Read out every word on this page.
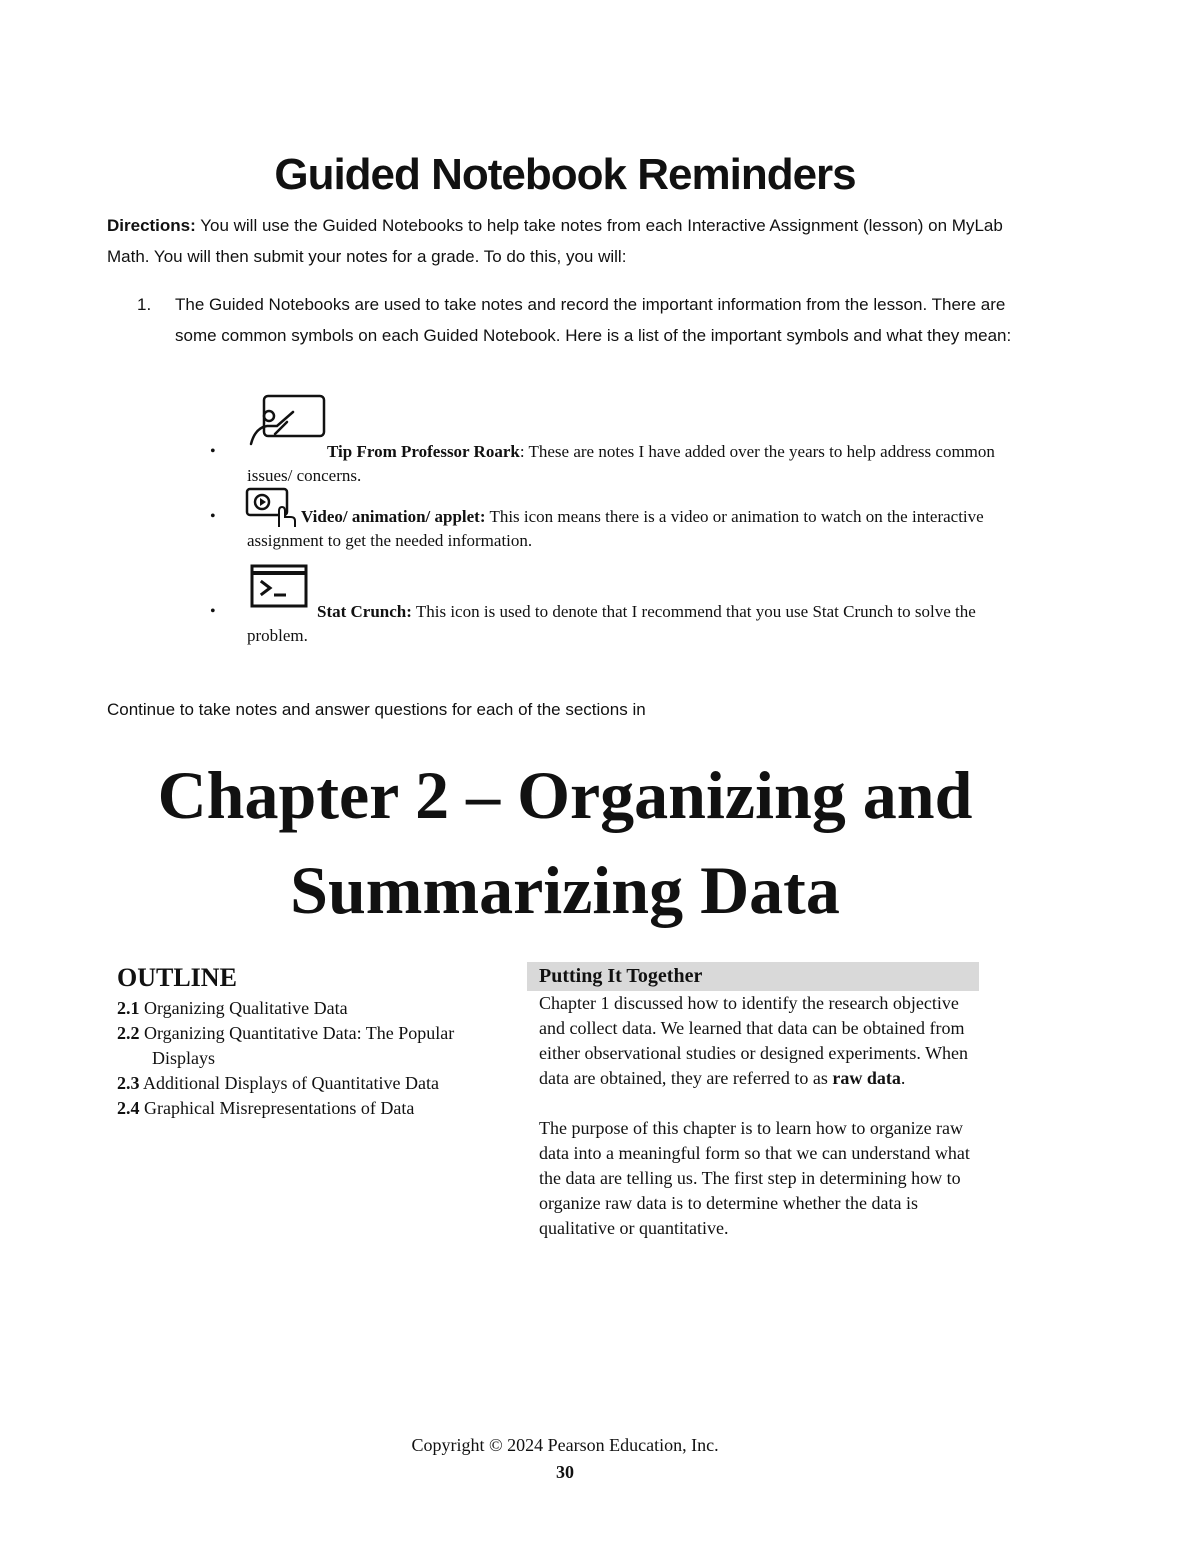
Guided Notebook Reminders
Directions: You will use the Guided Notebooks to help take notes from each Interactive Assignment (lesson) on MyLab Math. You will then submit your notes for a grade. To do this, you will:
1. The Guided Notebooks are used to take notes and record the important information from the lesson. There are some common symbols on each Guided Notebook. Here is a list of the important symbols and what they mean:
•	Tip From Professor Roark: These are notes I have added over the years to help address common issues/ concerns.
•	Video/ animation/ applet: This icon means there is a video or animation to watch on the interactive assignment to get the needed information.
•	Stat Crunch: This icon is used to denote that I recommend that you use Stat Crunch to solve the problem.
Continue to take notes and answer questions for each of the sections in
Chapter 2 – Organizing and
Summarizing Data
OUTLINE
2.1 Organizing Qualitative Data
2.2 Organizing Quantitative Data: The Popular Displays
2.3 Additional Displays of Quantitative Data
2.4 Graphical Misrepresentations of Data
Putting It Together
Chapter 1 discussed how to identify the research objective and collect data. We learned that data can be obtained from either observational studies or designed experiments. When data are obtained, they are referred to as raw data.
The purpose of this chapter is to learn how to organize raw data into a meaningful form so that we can understand what the data are telling us. The first step in determining how to organize raw data is to determine whether the data is qualitative or quantitative.
Copyright © 2024 Pearson Education, Inc.
30
